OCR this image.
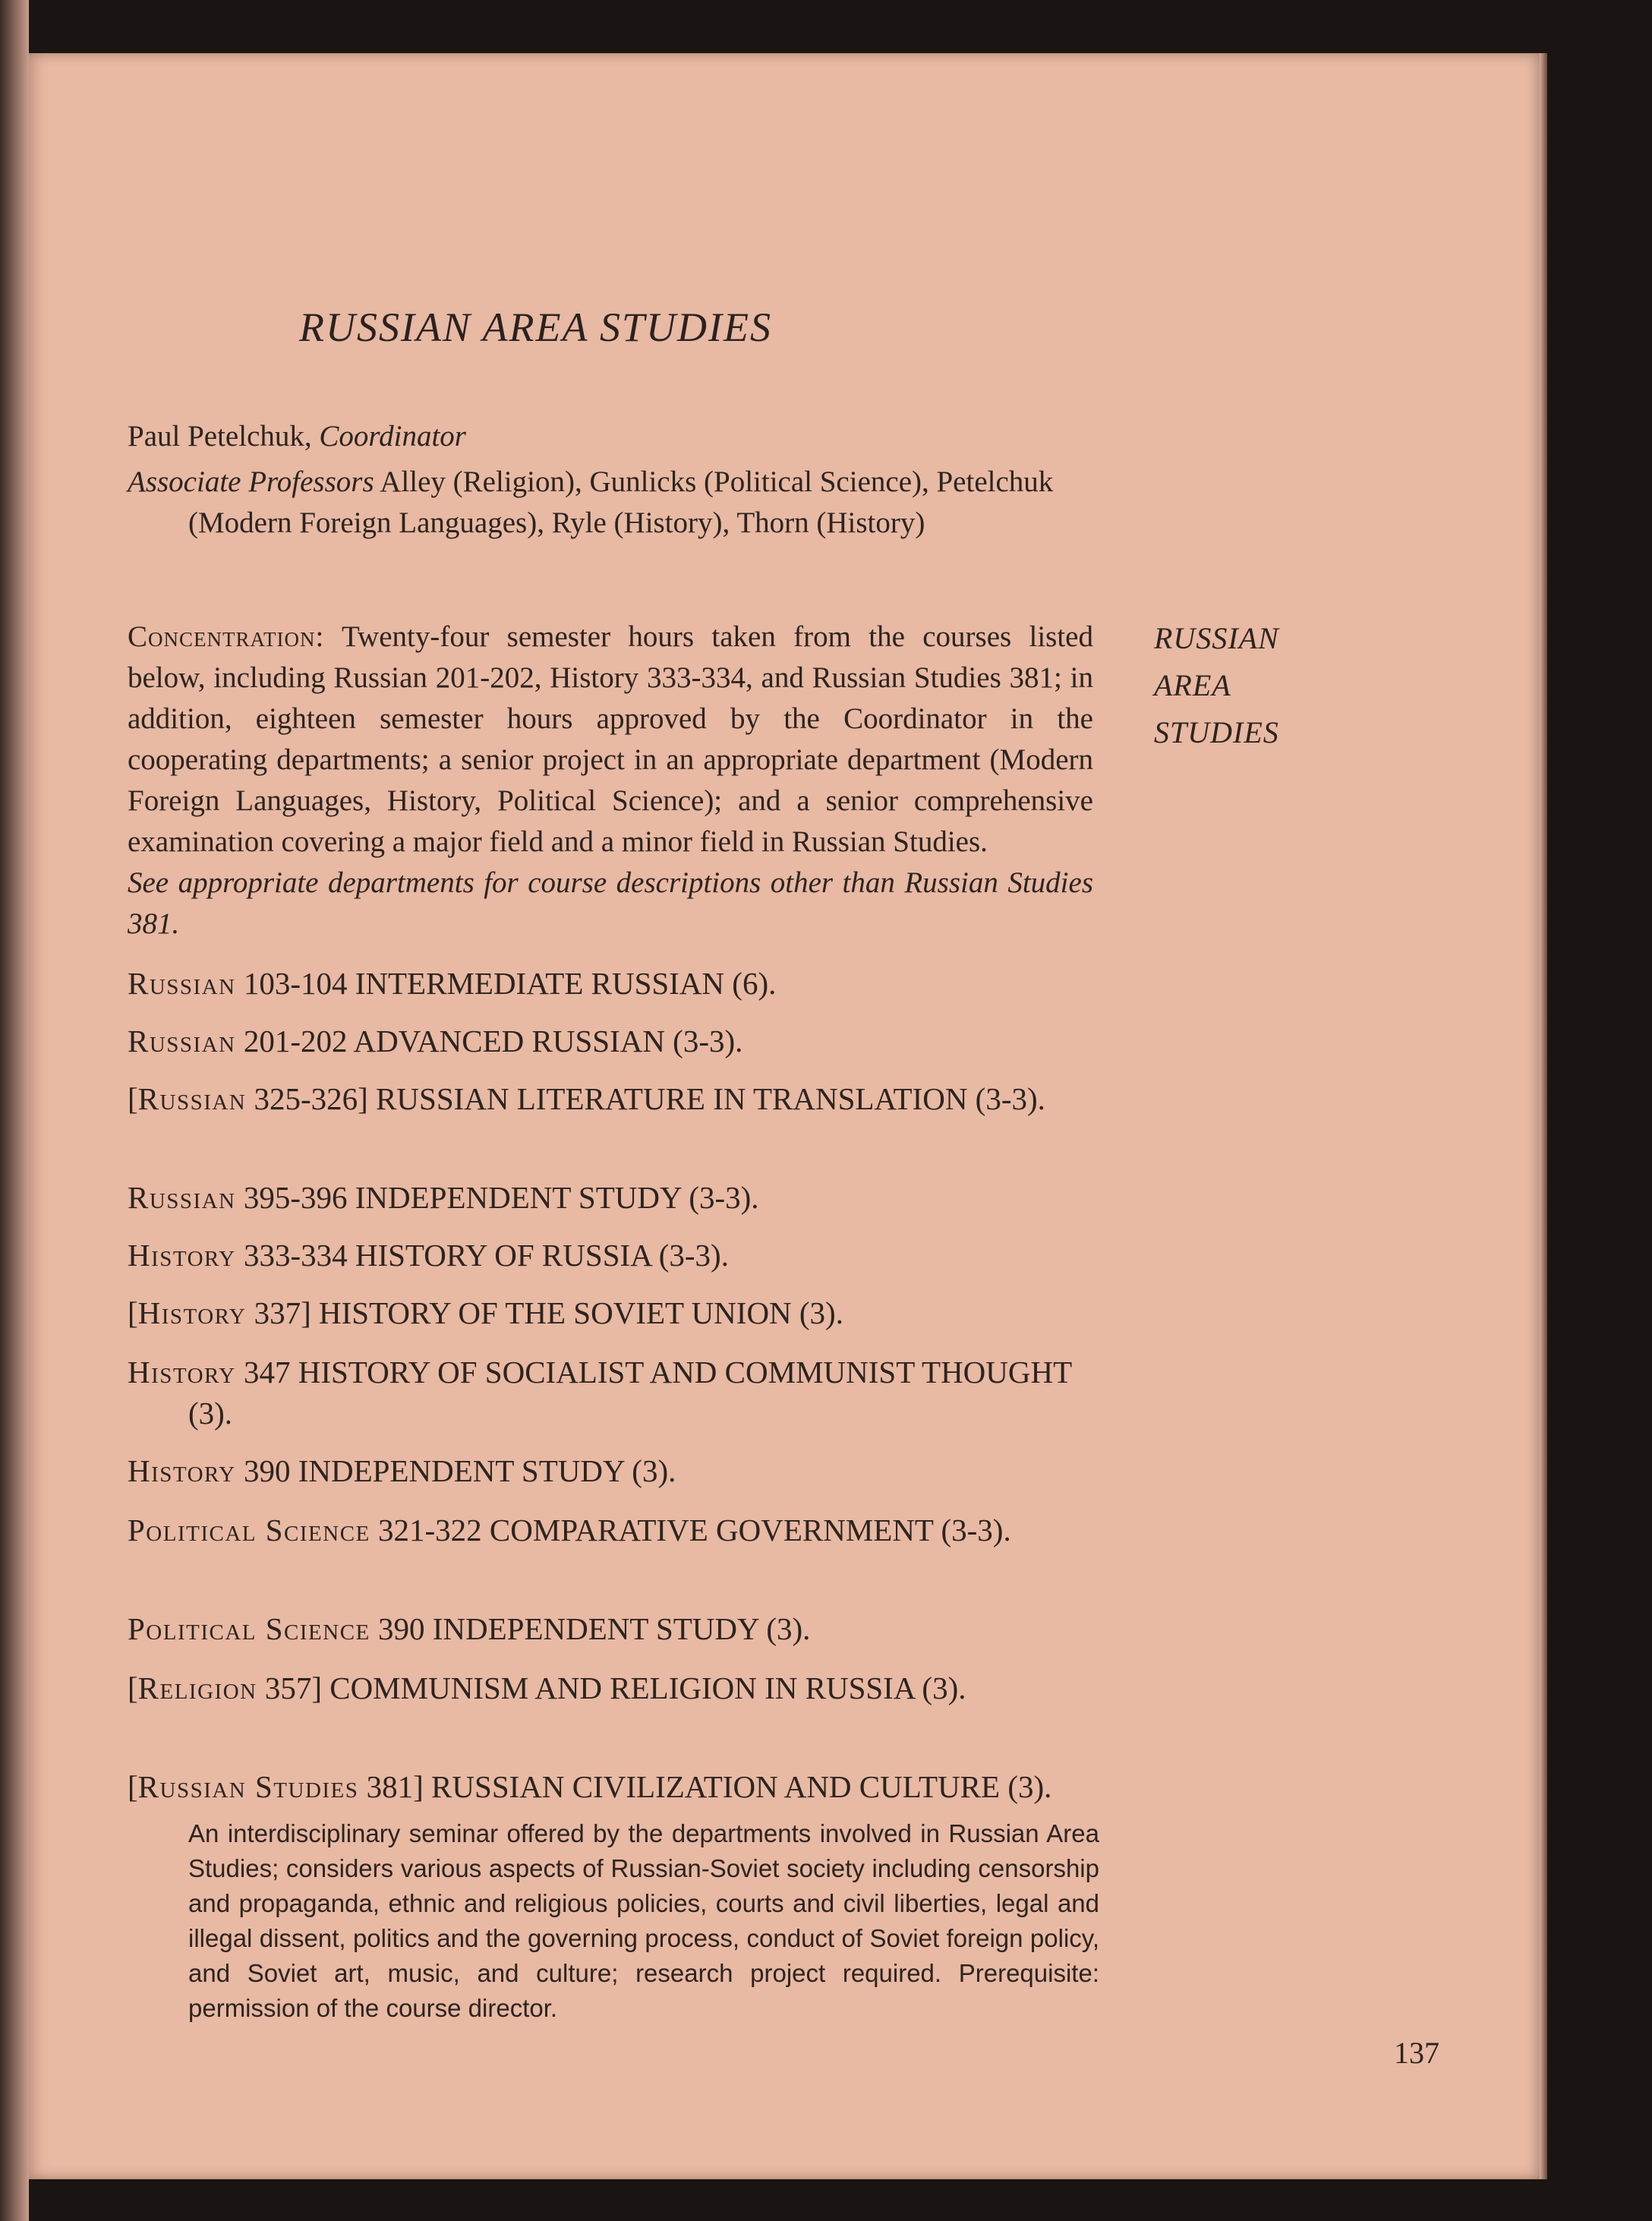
RUSSIAN AREA STUDIES

Paul Petelchuk, Coordinator

Associate Professors Alley (Religion), Gunlicks (Political Science), Petelchuk (Modern Foreign Languages), Ryle (History), Thorn (History)

RUSSIAN
AREA
STUDIES

Concentration: Twenty-four semester hours taken from the courses listed below, including Russian 201-202, History 333-334, and Russian Studies 381; in addition, eighteen semester hours approved by the Coordinator in the cooperating departments; a senior project in an appropriate department (Modern Foreign Languages, History, Political Science); and a senior comprehensive examination covering a major field and a minor field in Russian Studies.

See appropriate departments for course descriptions other than Russian Studies 381.

Russian 103-104 INTERMEDIATE RUSSIAN (6).
Russian 201-202 ADVANCED RUSSIAN (3-3).
[Russian 325-326] RUSSIAN LITERATURE IN TRANSLATION (3-3).
Russian 395-396 INDEPENDENT STUDY (3-3).
History 333-334 HISTORY OF RUSSIA (3-3).
[History 337] HISTORY OF THE SOVIET UNION (3).
History 347 HISTORY OF SOCIALIST AND COMMUNIST THOUGHT (3).
History 390 INDEPENDENT STUDY (3).
Political Science 321-322 COMPARATIVE GOVERNMENT (3-3).
Political Science 390 INDEPENDENT STUDY (3).
[Religion 357] COMMUNISM AND RELIGION IN RUSSIA (3).
[Russian Studies 381] RUSSIAN CIVILIZATION AND CULTURE (3).

An interdisciplinary seminar offered by the departments involved in Russian Area Studies; considers various aspects of Russian-Soviet society including censorship and propaganda, ethnic and religious policies, courts and civil liberties, legal and illegal dissent, politics and the governing process, conduct of Soviet foreign policy, and Soviet art, music, and culture; research project required. Prerequisite: permission of the course director.

137
